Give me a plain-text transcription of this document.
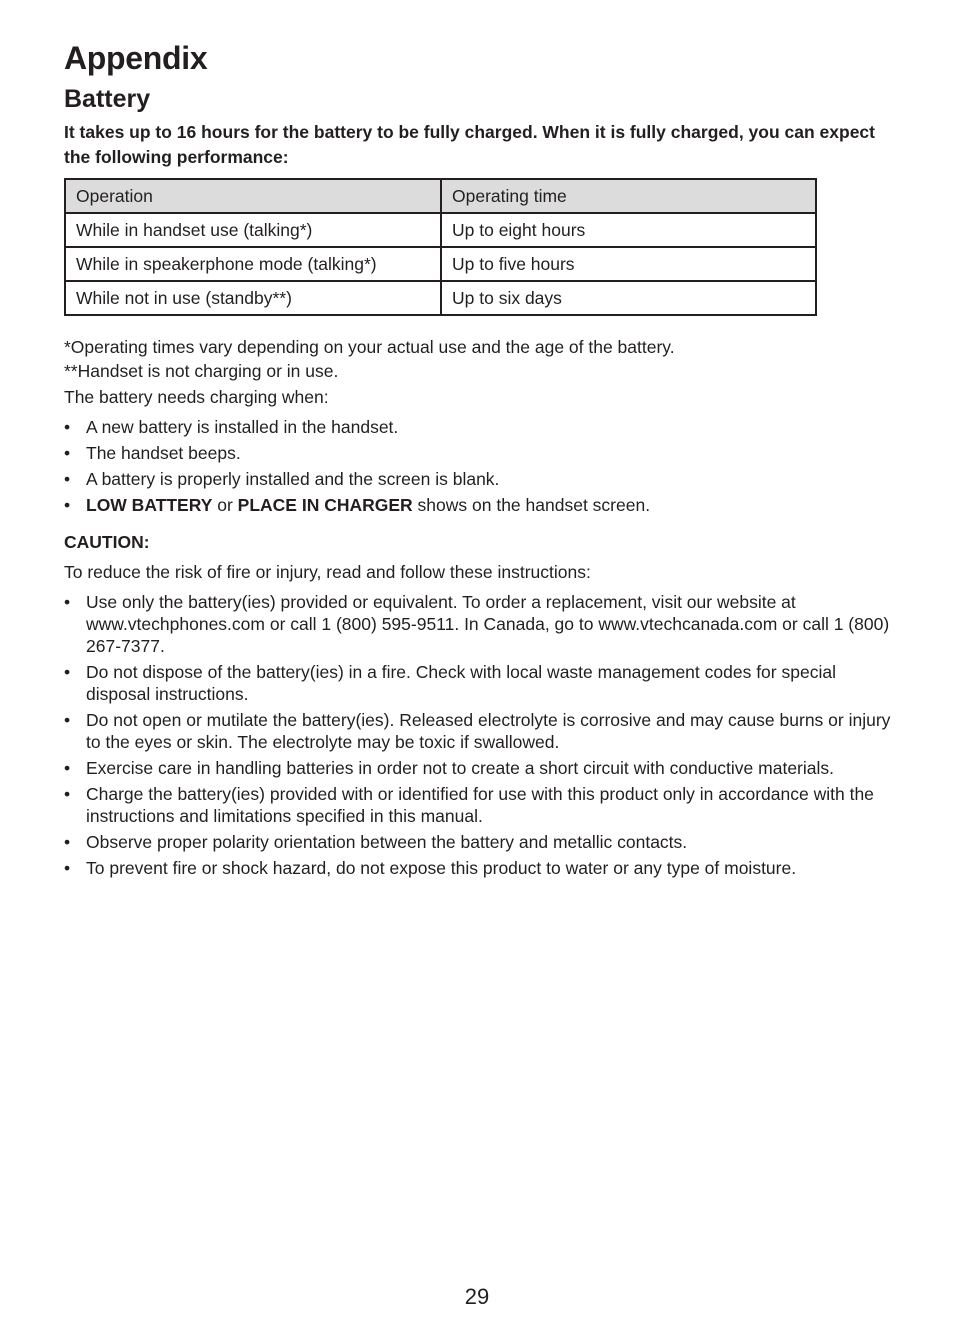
Appendix
Battery

It takes up to 16 hours for the battery to be fully charged. When it is fully charged, you can expect the following performance:

Operation	Operating time
While in handset use (talking*)	Up to eight hours
While in speakerphone mode (talking*)	Up to five hours
While not in use (standby**)	Up to six days

*Operating times vary depending on your actual use and the age of the battery.

**Handset is not charging or in use.

The battery needs charging when:

• A new battery is installed in the handset.
• The handset beeps.
• A battery is properly installed and the screen is blank.
• LOW BATTERY or PLACE IN CHARGER shows on the handset screen.

CAUTION:

To reduce the risk of fire or injury, read and follow these instructions:

• Use only the battery(ies) provided or equivalent. To order a replacement, visit our website at www.vtechphones.com or call 1 (800) 595-9511. In Canada, go to www.vtechcanada.com or call 1 (800) 267-7377.
• Do not dispose of the battery(ies) in a fire. Check with local waste management codes for special disposal instructions.
• Do not open or mutilate the battery(ies). Released electrolyte is corrosive and may cause burns or injury to the eyes or skin. The electrolyte may be toxic if swallowed.
• Exercise care in handling batteries in order not to create a short circuit with conductive materials.
• Charge the battery(ies) provided with or identified for use with this product only in accordance with the instructions and limitations specified in this manual.
• Observe proper polarity orientation between the battery and metallic contacts.
• To prevent fire or shock hazard, do not expose this product to water or any type of moisture.

29
